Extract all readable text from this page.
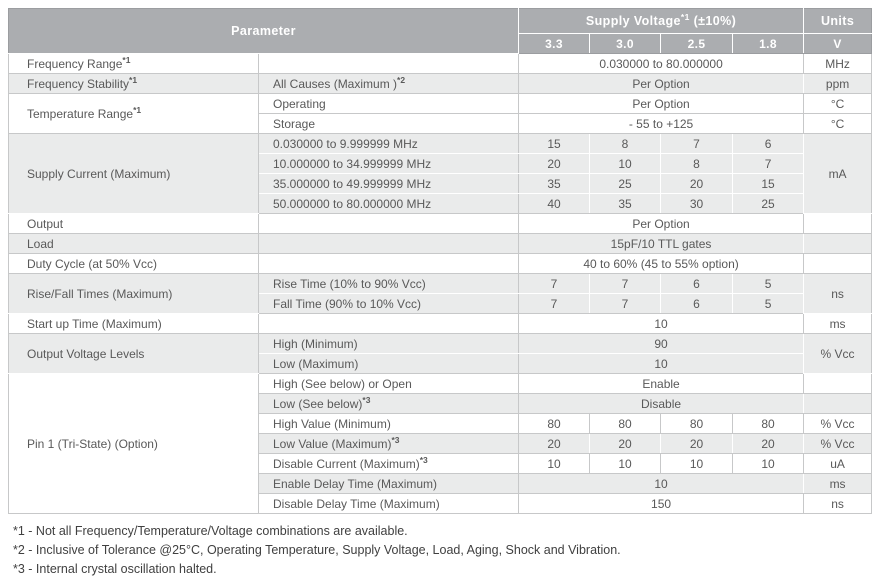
Parameter		Supply Voltage$^{*1}$ (±10%)				Units
		3.3	3.0	2.5	1.8	V
Frequency Range$^{*1}$		0.030000 to 80.000000				MHz
Frequency Stability$^{*1}$	All Causes (Maximum )$^{*2}$	Per Option				ppm
Temperature Range$^{*1}$	Operating	Per Option				°C
	Storage	- 55 to +125				°C
Supply Current (Maximum)	0.030000 to 9.999999 MHz	15	8	7	6	mA
	10.000000 to 34.999999 MHz	20	10	8	7	
	35.000000 to 49.999999 MHz	35	25	20	15	
	50.000000 to 80.000000 MHz	40	35	30	25	
Output		Per Option				
Load		15pF/10 TTL gates				
Duty Cycle (at 50% Vcc)		40 to 60% (45 to 55% option)				
Rise/Fall Times (Maximum)	Rise Time (10% to 90% Vcc)	7	7	6	5	ns
	Fall Time (90% to 10% Vcc)	7	7	6	5	
Start up Time (Maximum)		10				ms
Output Voltage Levels	High (Minimum)	90				% Vcc
	Low (Maximum)	10				
Pin 1 (Tri-State) (Option)	High (See below) or Open	Enable				
	Low (See below)$^{*3}$	Disable				
	High Value (Minimum)	80	80	80	80	% Vcc
	Low Value (Maximum)$^{*3}$	20	20	20	20	% Vcc
	Disable Current (Maximum)$^{*3}$	10	10	10	10	uA
	Enable Delay Time (Maximum)	10				ms
	Disable Delay Time (Maximum)	150				ns
*1 - Not all Frequency/Temperature/Voltage combinations are available.
*2 - Inclusive of Tolerance @25°C, Operating Temperature, Supply Voltage, Load, Aging, Shock and Vibration.
*3 - Internal crystal oscillation halted.
